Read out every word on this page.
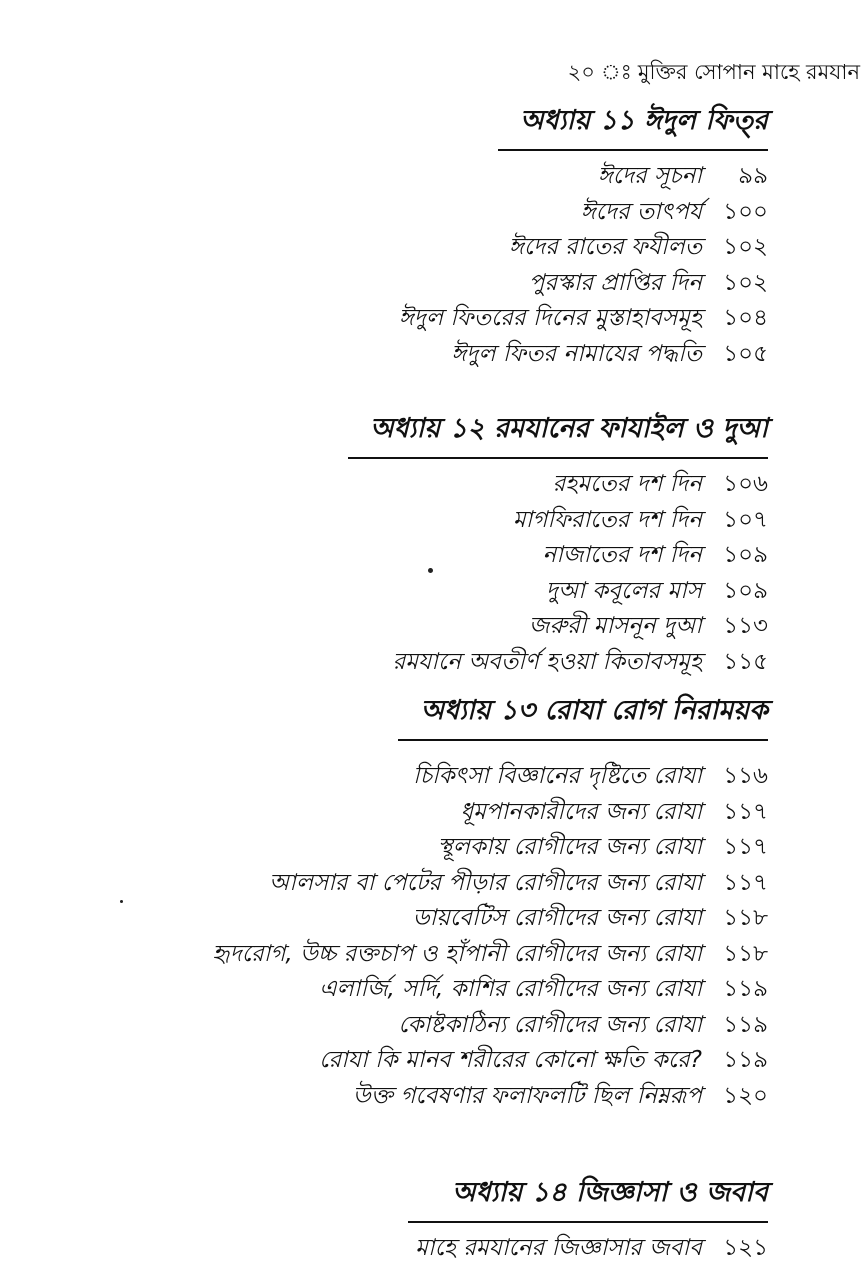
২০ ঃ মুক্তির সোপান মাহে রমযান
অধ্যায় ১১ ঈদুল ফিত্‌র
ঈদের সূচনা ৯৯
ঈদের তাৎপর্য ১০০
ঈদের রাতের ফযীলত ১০২
পুরস্কার প্রাপ্তির দিন ১০২
ঈদুল ফিতরের দিনের মুস্তাহাবসমূহ ১০৪
ঈদুল ফিতর নামাযের পদ্ধতি ১০৫
অধ্যায় ১২ রমযানের ফাযাইল ও দুআ
রহমতের দশ দিন ১০৬
মাগফিরাতের দশ দিন ১০৭
নাজাতের দশ দিন ১০৯
দুআ কবূলের মাস ১০৯
জরুরী মাসনূন দুআ ১১৩
রমযানে অবতীর্ণ হওয়া কিতাবসমূহ ১১৫
অধ্যায় ১৩ রোযা রোগ নিরাময়ক
চিকিৎসা বিজ্ঞানের দৃষ্টিতে রোযা ১১৬
ধূমপানকারীদের জন্য রোযা ১১৭
স্থূলকায় রোগীদের জন্য রোযা ১১৭
আলসার বা পেটের পীড়ার রোগীদের জন্য রোযা ১১৭
ডায়বেটিস রোগীদের জন্য রোযা ১১৮
হৃদরোগ, উচ্চ রক্তচাপ ও হাঁপানী রোগীদের জন্য রোযা ১১৮
এলার্জি, সর্দি, কাশির রোগীদের জন্য রোযা ১১৯
কোষ্টকাঠিন্য রোগীদের জন্য রোযা ১১৯
রোযা কি মানব শরীরের কোনো ক্ষতি করে? ১১৯
উক্ত গবেষণার ফলাফলটি ছিল নিম্নরূপ ১২০
অধ্যায় ১৪ জিজ্ঞাসা ও জবাব
মাহে রমযানের জিজ্ঞাসার জবাব ১২১
